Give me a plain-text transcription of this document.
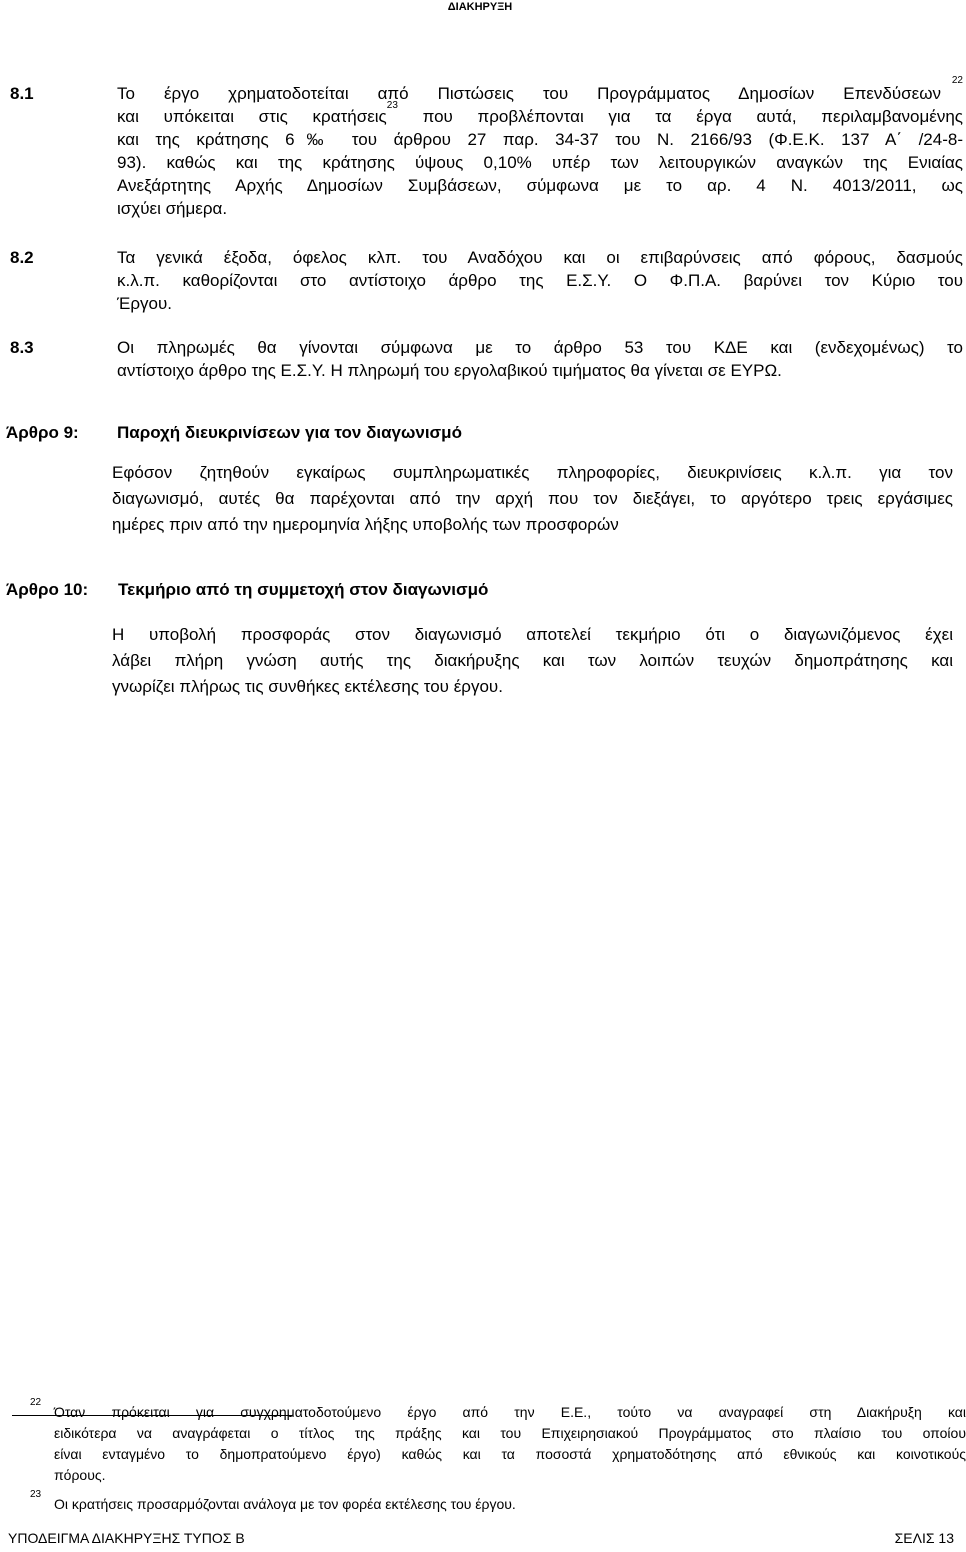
ΔΙΑΚΗΡΥΞΗ
8.1	Το έργο χρηματοδοτείται από Πιστώσεις του Προγράμματος Δημοσίων Επενδύσεων
22
και υπόκειται στις κρατήσεις$^{23}$ που προβλέπονται για τα έργα αυτά, περιλαμβανομένης
και της κράτησης 6‰ του άρθρου 27 παρ. 34-37 του Ν. 2166/93 (Φ.Ε.Κ. 137 Α΄ /24-8-
93). καθώς και της κράτησης ύψους 0,10% υπέρ των λειτουργικών αναγκών της Ενιαίας
Ανεξάρτητης Αρχής Δημοσίων Συμβάσεων, σύμφωνα με το αρ. 4 Ν. 4013/2011, ως
ισχύει σήμερα.
8.2	Τα γενικά έξοδα, όφελος κλπ. του Αναδόχου και οι επιβαρύνσεις από φόρους, δασμούς
κ.λ.π. καθορίζονται στο αντίστοιχο άρθρο της Ε.Σ.Υ. Ο Φ.Π.Α. βαρύνει τον Κύριο του
Έργου.
8.3	Οι πληρωμές θα γίνονται σύμφωνα με το άρθρο 53 του ΚΔΕ και (ενδεχομένως) το
αντίστοιχο άρθρο της Ε.Σ.Υ. Η πληρωμή του εργολαβικού τιμήματος θα γίνεται σε ΕΥΡΩ.
Άρθρο 9: Παροχή διευκρινίσεων για τον διαγωνισμό
Εφόσον ζητηθούν εγκαίρως συμπληρωματικές πληροφορίες, διευκρινίσεις κ.λ.π. για τον
διαγωνισμό, αυτές θα παρέχονται από την αρχή που τον διεξάγει, το αργότερο τρεις εργάσιμες
ημέρες πριν από την ημερομηνία λήξης υποβολής των προσφορών
Άρθρο 10: Τεκμήριο από τη συμμετοχή στον διαγωνισμό
Η υποβολή προσφοράς στον διαγωνισμό αποτελεί τεκμήριο ότι ο διαγωνιζόμενος έχει
λάβει πλήρη γνώση αυτής της διακήρυξης και των λοιπών τευχών δημοπράτησης και
γνωρίζει πλήρως τις συνθήκες εκτέλεσης του έργου.
22
Όταν πρόκειται για συγχρηματοδοτούμενο έργο από την Ε.Ε., τούτο να αναγραφεί στη Διακήρυξη και
ειδικότερα να αναγράφεται ο τίτλος της πράξης και του Επιχειρησιακού Προγράμματος στο πλαίσιο του οποίου
είναι ενταγμένο το δημοπρατούμενο έργο) καθώς και τα ποσοστά χρηματοδότησης από εθνικούς και κοινοτικούς
πόρους.
23
Οι κρατήσεις προσαρμόζονται ανάλογα με τον φορέα εκτέλεσης του έργου.
ΥΠΟΔΕΙΓΜΑ ΔΙΑΚΗΡΥΞΗΣ ΤΥΠΟΣ Β	ΣΕΛΙΣ 13
